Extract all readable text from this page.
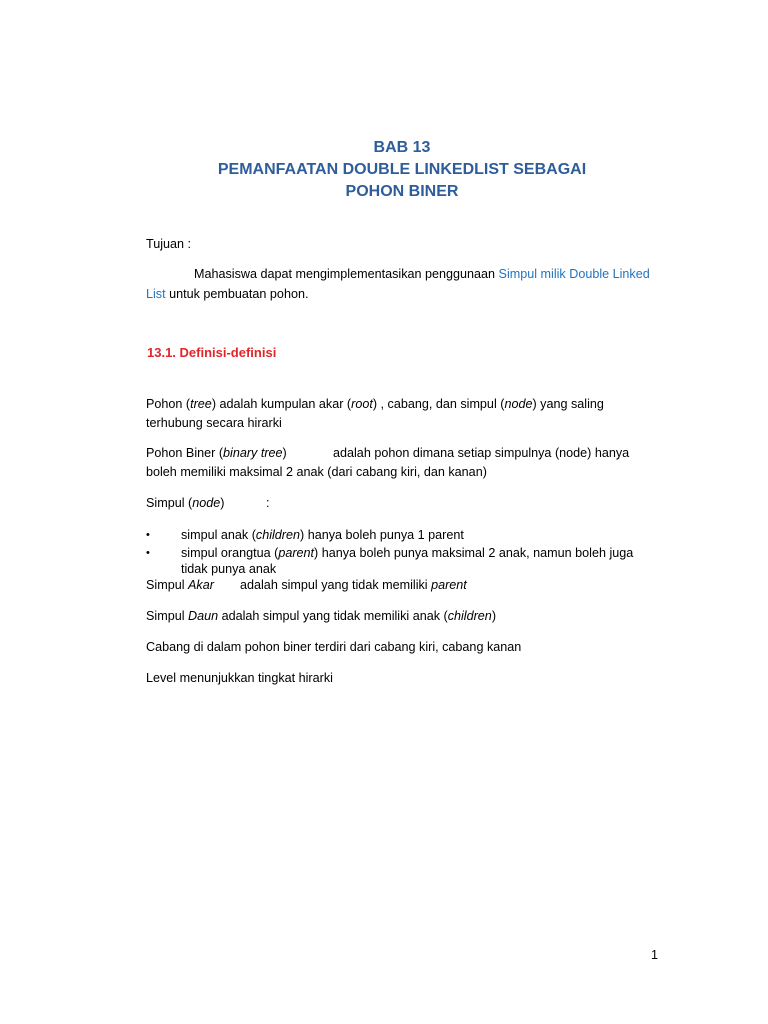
BAB 13
PEMANFAATAN DOUBLE LINKEDLIST SEBAGAI
POHON BINER
Tujuan :
Mahasiswa dapat mengimplementasikan penggunaan Simpul milik Double Linked
List untuk pembuatan pohon.
13.1. Definisi-definisi
Pohon (tree) adalah kumpulan akar (root) , cabang, dan simpul (node) yang saling
terhubung secara hirarki
Pohon Biner (binary tree)	adalah pohon dimana setiap simpulnya (node) hanya
boleh memiliki maksimal 2 anak (dari cabang kiri, dan kanan)
Simpul (node)	:
• simpul anak (children) hanya boleh punya 1 parent
• simpul orangtua (parent) hanya boleh punya maksimal 2 anak, namun boleh juga
tidak punya anak
Simpul Akar adalah simpul yang tidak memiliki parent
Simpul Daun adalah simpul yang tidak memiliki anak (children)
Cabang di dalam pohon biner terdiri dari cabang kiri, cabang kanan
Level menunjukkan tingkat hirarki
1
